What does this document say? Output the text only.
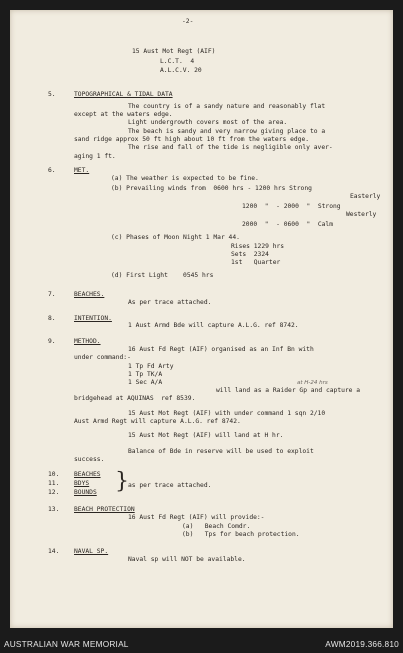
-2-
15 Aust Mot Regt (AIF)
L.C.T.  4
A.L.C.V. 20
5.	TOPOGRAPHICAL & TIDAL DATA
The country is of a sandy nature and reasonably flat
except at the waters edge.
Light undergrowth covers most of the area.
The beach is sandy and very narrow giving place to a
sand ridge approx 50 ft high about 10 ft from the waters edge.
The rise and fall of the tide is negligible only aver-
aging 1 ft.
6.	MET.
(a) The weather is expected to be fine.
(b) Prevailing winds from  0600 hrs - 1200 hrs Strong
Easterly
1200  "  - 2000  "  Strong
Westerly
2000  "  - 0600  "  Calm
(c) Phases of Moon Night 1 Mar 44.
Rises 1229 hrs
Sets  2324
1st   Quarter
(d) First Light    0545 hrs
7.	BEACHES.
As per trace attached.
8.	INTENTION.
1 Aust Armd Bde will capture A.L.G. ref 8742.
9.	METHOD.
16 Aust Fd Regt (AIF) organised as an Inf Bn with
under command:-
1 Tp Fd Arty
1 Tp TK/A
1 Sec A/A	at H-24 hrs
will land as a Raider Gp and capture a
bridgehead at AQUINAS  ref 8539.
15 Aust Mot Regt (AIF) with under command 1 sqn 2/10
Aust Armd Regt will capture A.L.G. ref 8742.
15 Aust Mot Regt (AIF) will land at H hr.
Balance of Bde in reserve will be used to exploit
success.
10. BEACHES
11. BDYS
12. BOUNDS } as per trace attached.
13. BEACH PROTECTION
16 Aust Fd Regt (AIF) will provide:-
(a)   Beach Comdr.
(b)   Tps for beach protection.
14. NAVAL SP.
Naval sp will NOT be available.
AUSTRALIAN WAR MEMORIAL	AWM2019.366.810
